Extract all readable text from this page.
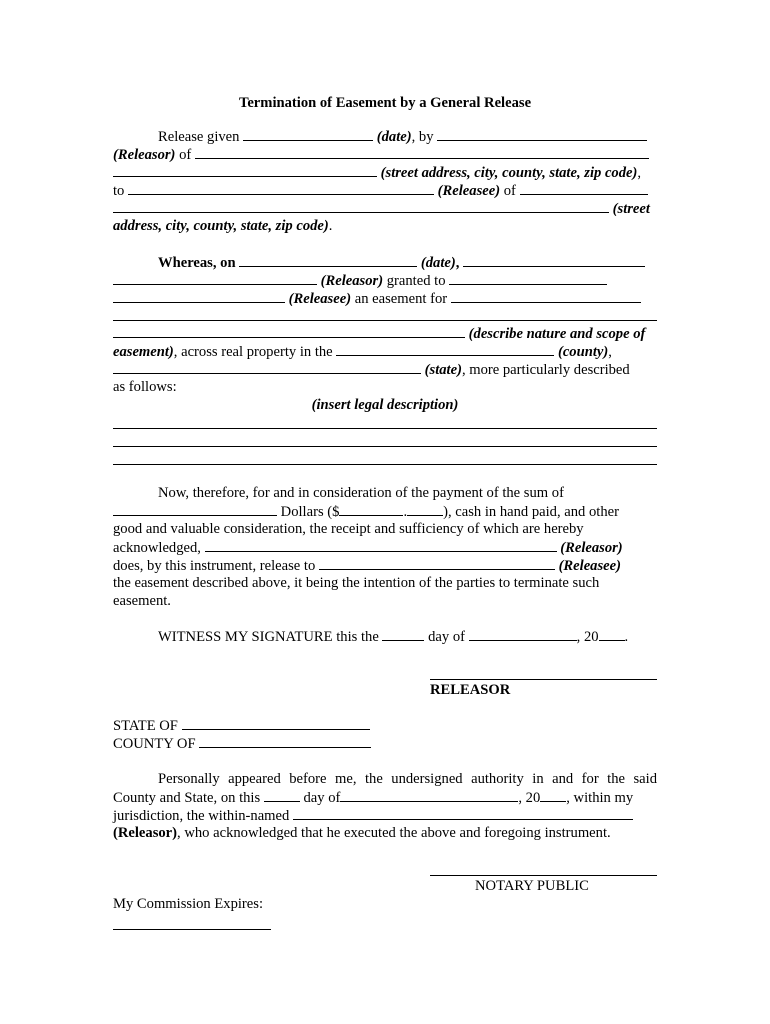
Termination of Easement by a General Release
Release given	(date), by
(Releasor) of
(street address, city, county, state, zip code),
to	(Releasee) of
(street
address, city, county, state, zip code).
Whereas, on	(date),
(Releasor) granted to
(Releasee) an easement for
(describe nature and scope of
easement), across real property in the	(county),
(state), more particularly described
as follows:
(insert legal description)
Now, therefore, for and in consideration of the payment of the sum of
Dollars ($	. ), cash in hand paid, and other
good and valuable consideration, the receipt and sufficiency of which are hereby
acknowledged,	(Releasor)
does, by this instrument, release to	(Releasee)
the easement described above, it being the intention of the parties to terminate such
easement.
WITNESS MY SIGNATURE this the	day of	, 20 .
RELEASOR
STATE OF
COUNTY OF
Personally appeared before me, the undersigned authority in and for the said
County and State, on this	day of	, 20 , within my
jurisdiction, the within-named
(Releasor), who acknowledged that he executed the above and foregoing instrument.
NOTARY PUBLIC
My Commission Expires:
